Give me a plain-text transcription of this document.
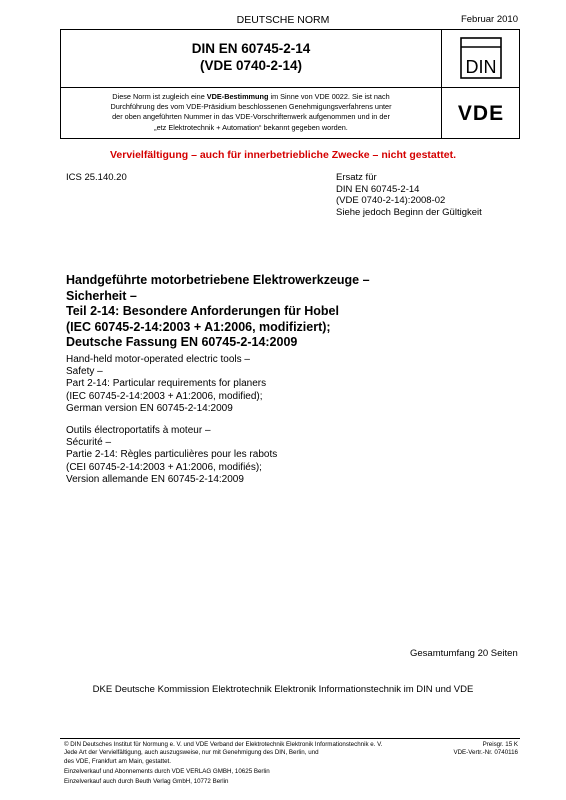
DEUTSCHE NORM	Februar 2010
DIN EN 60745-2-14
(VDE 0740-2-14)
Diese Norm ist zugleich eine VDE-Bestimmung im Sinne von VDE 0022. Sie ist nach
Durchführung des vom VDE-Präsidium beschlossenen Genehmigungsverfahrens unter
der oben angeführten Nummer in das VDE-Vorschriftenwerk aufgenommen und in der
„etz Elektrotechnik + Automation“ bekannt gegeben worden.
DIN
VDE
Vervielfältigung – auch für innerbetriebliche Zwecke – nicht gestattet.
ICS 25.140.20	Ersatz für
DIN EN 60745-2-14
(VDE 0740-2-14):2008-02
Siehe jedoch Beginn der Gültigkeit
Handgeführte motorbetriebene Elektrowerkzeuge –
Sicherheit –
Teil 2-14: Besondere Anforderungen für Hobel
(IEC 60745-2-14:2003 + A1:2006, modifiziert);
Deutsche Fassung EN 60745-2-14:2009
Hand-held motor-operated electric tools –
Safety –
Part 2-14: Particular requirements for planers
(IEC 60745-2-14:2003 + A1:2006, modified);
German version EN 60745-2-14:2009
Outils électroportatifs à moteur –
Sécurité –
Partie 2-14: Règles particulières pour les rabots
(CEI 60745-2-14:2003 + A1:2006, modifiés);
Version allemande EN 60745-2-14:2009
Gesamtumfang 20 Seiten
DKE Deutsche Kommission Elektrotechnik Elektronik Informationstechnik im DIN und VDE
© DIN Deutsches Institut für Normung e. V. und VDE Verband der Elektrotechnik Elektronik Informationstechnik e. V.
Jede Art der Vervielfältigung, auch auszugsweise, nur mit Genehmigung des DIN, Berlin, und
des VDE, Frankfurt am Main, gestattet.
Preisgr. 15 K
VDE-Vertr.-Nr. 0740116
Einzelverkauf und Abonnements durch VDE VERLAG GMBH, 10625 Berlin
Einzelverkauf auch durch Beuth Verlag GmbH, 10772 Berlin
